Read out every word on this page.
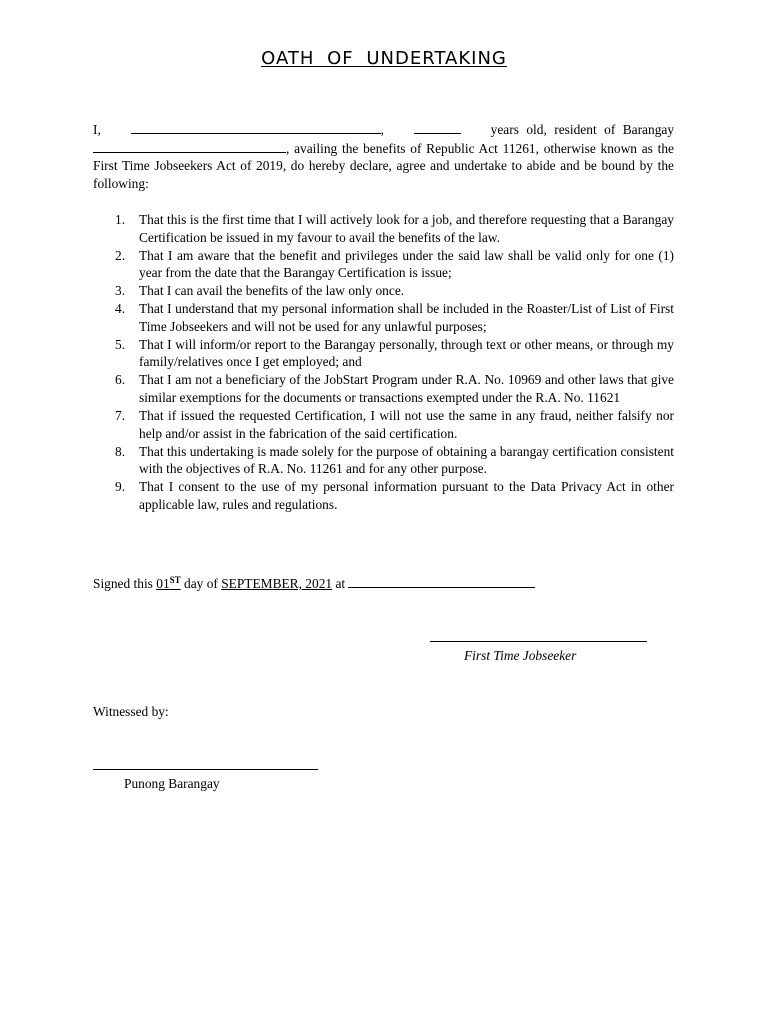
OATH OF UNDERTAKING
I,	,	years old, resident of Barangay , availing the benefits of Republic Act 11261, otherwise known as the First Time Jobseekers Act of 2019, do hereby declare, agree and undertake to abide and be bound by the following:
1. That this is the first time that I will actively look for a job, and therefore requesting that a Barangay Certification be issued in my favour to avail the benefits of the law.
2. That I am aware that the benefit and privileges under the said law shall be valid only for one (1) year from the date that the Barangay Certification is issue;
3. That I can avail the benefits of the law only once.
4. That I understand that my personal information shall be included in the Roaster/List of List of First Time Jobseekers and will not be used for any unlawful purposes;
5. That I will inform/or report to the Barangay personally, through text or other means, or through my family/relatives once I get employed; and
6. That I am not a beneficiary of the JobStart Program under R.A. No. 10969 and other laws that give similar exemptions for the documents or transactions exempted under the R.A. No. 11621
7. That if issued the requested Certification, I will not use the same in any fraud, neither falsify nor help and/or assist in the fabrication of the said certification.
8. That this undertaking is made solely for the purpose of obtaining a barangay certification consistent with the objectives of R.A. No. 11261 and for any other purpose.
9. That I consent to the use of my personal information pursuant to the Data Privacy Act in other applicable law, rules and regulations.
Signed this 01ST day of SEPTEMBER, 2021 at
First Time Jobseeker
Witnessed by:
Punong Barangay
